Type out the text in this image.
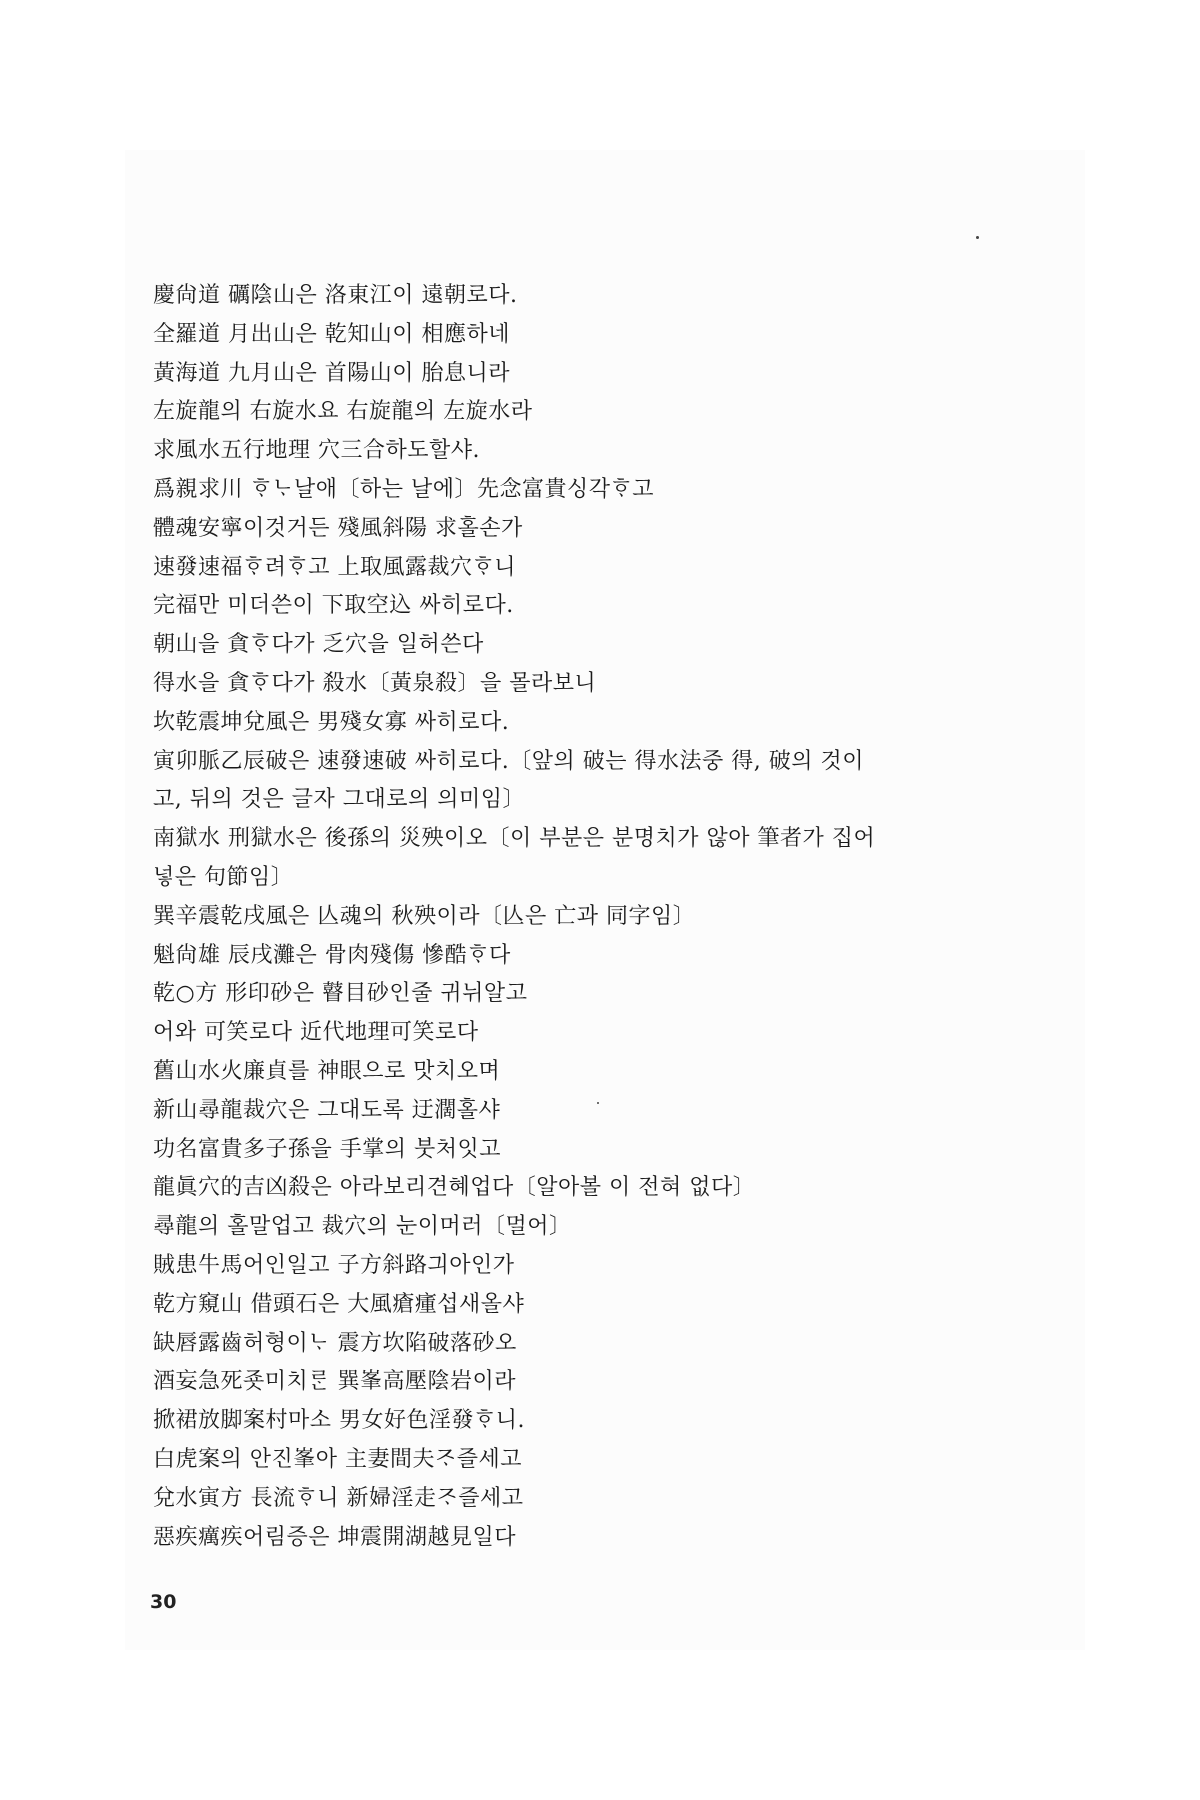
慶尙道 礪陰山은 洛東江이 遠朝로다.
全羅道 月出山은 乾知山이 相應하네
黃海道 九月山은 首陽山이 胎息니라
左旋龍의 右旋水요 右旋龍의 左旋水라
求風水五行地理 穴三合하도할샤.
爲親求川 ᄒᆞᄂᆞ날애〔하는 날에〕先念富貴싱각ᄒᆞ고
體魂安寧이것거든 殘風斜陽 求홀손가
速發速福ᄒᆞ려ᄒᆞ고 上取風露裁穴ᄒᆞ니
完福만 미더쓴이 下取空込 싸히로다.
朝山을 貪ᄒᆞ다가 乏穴을 일허쓴다
得水을 貪ᄒᆞ다가 殺水〔黃泉殺〕을 몰라보니
坎乾震坤兌風은 男殘女寡 싸히로다.
寅卯脈乙辰破은 速發速破 싸히로다.〔앞의 破는 得水法중 得, 破의 것이
고, 뒤의 것은 글자 그대로의 의미임〕
南獄水 刑獄水은 後孫의 災殃이오〔이 부분은 분명치가 않아 筆者가 집어
넣은 句節임〕
巽辛震乾戌風은 亾魂의 秋殃이라〔亾은 亡과 同字임〕
魁尙雄 辰戌灘은 骨肉殘傷 慘酷ᄒᆞ다
乾○方 形印砂은 瞽目砂인줄 귀뉘알고
어와 可笑로다 近代地理可笑로다
舊山水火廉貞를 神眼으로 맛치오며
新山尋龍裁穴은 그대도록 迂濶홀샤
功名富貴多子孫을 手掌의 붓처잇고
龍眞穴的吉凶殺은 아라보리견혜업다〔알아볼 이 전혀 없다〕
尋龍의 홀말업고 裁穴의 눈이머러〔멀어〕
賊患牛馬어인일고 子方斜路긔아인가
乾方窺山 借頭石은 大風瘡瘇섭새올샤
缺唇露齒허형이ᄂᆞ 震方坎陷破落砂오
酒妄急死죳미치ᄅᆞᆫ 巽峯高壓陰岩이라
掀裙放脚案村마소 男女好色淫發ᄒᆞ니.
白虎案의 안진峯아 主妻間夫ᄌᆞ즐세고
兌水寅方 長流ᄒᆞ니 新婦淫走ᄌᆞ즐세고
惡疾癘疾어림증은 坤震開湖越見일다
30
